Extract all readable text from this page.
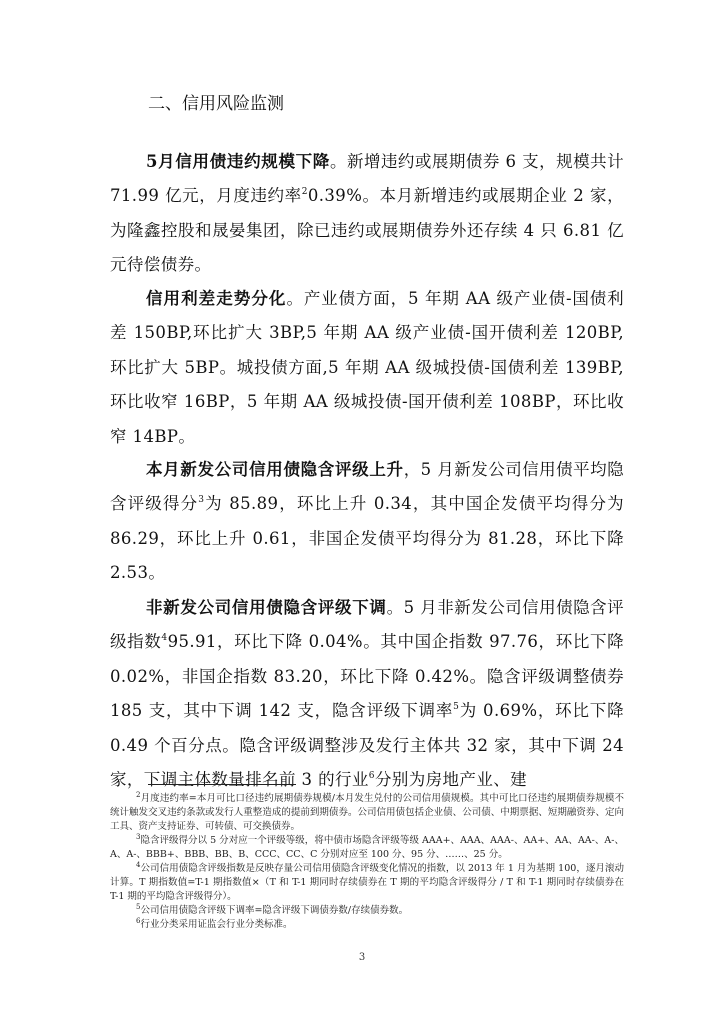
二、信用风险监测

5月信用债违约规模下降。新增违约或展期债券 6 支，规模共计 71.99 亿元，月度违约率$^2$0.39%。本月新增违约或展期企业 2 家，为隆鑫控股和晟晏集团，除已违约或展期债券外还存续 4 只 6.81 亿元待偿债券。

信用利差走势分化。产业债方面，5 年期 AA 级产业债-国债利差 150BP,环比扩大 3BP,5 年期 AA 级产业债-国开债利差 120BP,环比扩大 5BP。城投债方面,5 年期 AA 级城投债-国债利差 139BP,环比收窄 16BP，5 年期 AA 级城投债-国开债利差 108BP，环比收窄 14BP。

本月新发公司信用债隐含评级上升，5 月新发公司信用债平均隐含评级得分$^3$为 85.89，环比上升 0.34，其中国企发债平均得分为 86.29，环比上升 0.61，非国企发债平均得分为 81.28，环比下降 2.53。

非新发公司信用债隐含评级下调。5 月非新发公司信用债隐含评级指数$^4$95.91，环比下降 0.04%。其中国企指数 97.76，环比下降 0.02%，非国企指数 83.20，环比下降 0.42%。隐含评级调整债券 185 支，其中下调 142 支，隐含评级下调率$^5$为 0.69%，环比下降 0.49 个百分点。隐含评级调整涉及发行主体共 32 家，其中下调 24 家，下调主体数量排名前 3 的行业$^6$分别为房地产业、建

$^2$月度违约率=本月可比口径违约展期债券规模/本月发生兑付的公司信用债规模。其中可比口径违约展期债券规模不统计触发交叉违约条款或发行人重整造成的提前到期债券。公司信用债包括企业债、公司债、中期票据、短期融资券、定向工具、资产支持证券、可转债、可交换债券。

$^3$隐含评级得分以 5 分对应一个评级等级，将中债市场隐含评级等级 AAA+、AAA、AAA-、AA+、AA、AA-、A-、A、A-、BBB+、BBB、BB、B、CCC、CC、C 分别对应至 100 分、95 分、……、25 分。

$^4$公司信用债隐含评级指数是反映存量公司信用债隐含评级变化情况的指数，以 2013 年 1 月为基期 100，逐月滚动计算。T 期指数值=T-1 期指数值×（T 和 T-1 期同时存续债券在 T 期的平均隐含评级得分 / T 和 T-1 期同时存续债券在 T-1 期的平均隐含评级得分）。

$^5$公司信用债隐含评级下调率=隐含评级下调债券数/存续债券数。

$^6$行业分类采用证监会行业分类标准。

3
